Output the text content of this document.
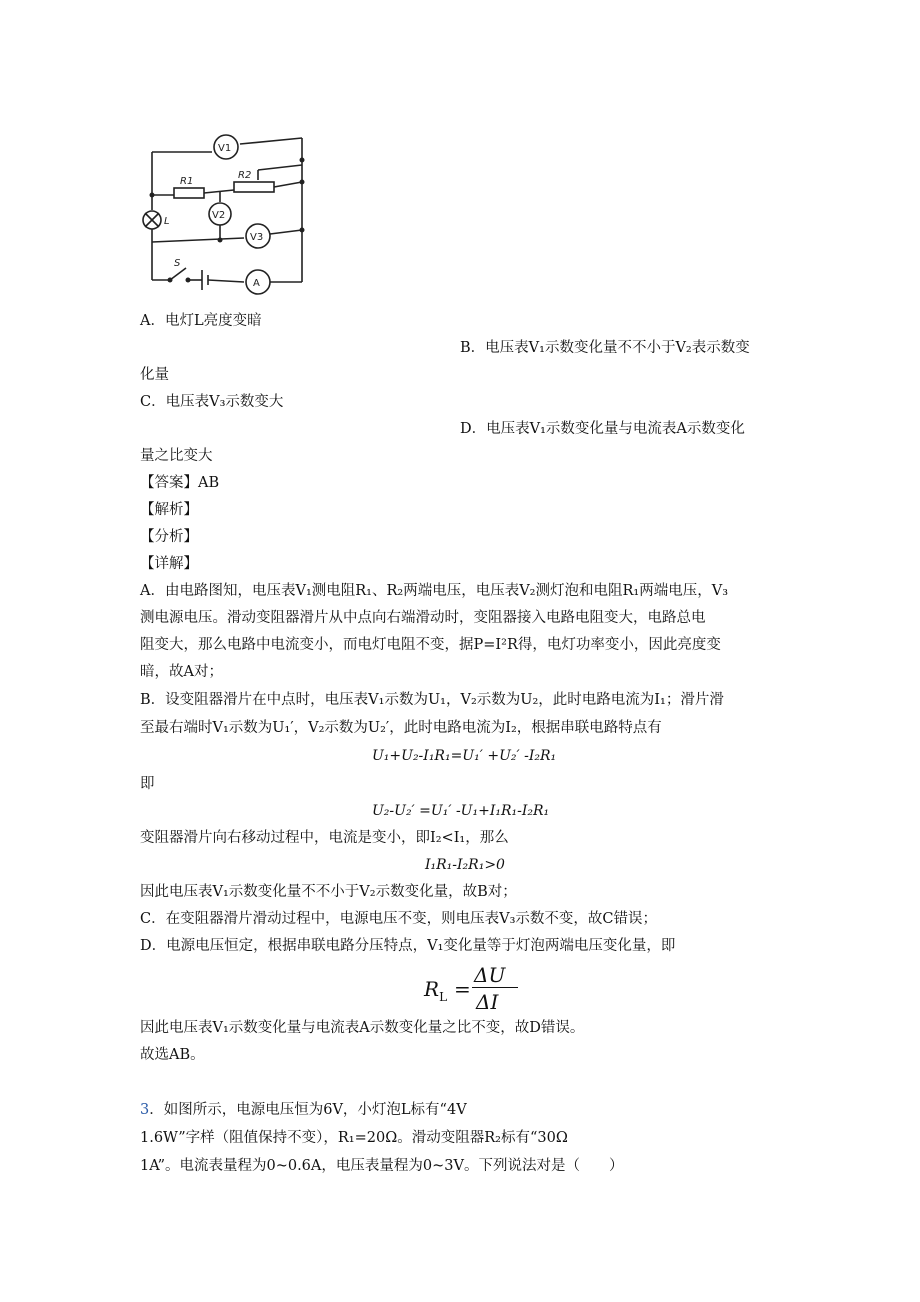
V1
R1
R2
V2
L
V3
S
A
A．电灯L亮度变暗
B．电压表V₁示数变化量不不小于V₂表示数变
化量
C．电压表V₃示数变大
D．电压表V₁示数变化量与电流表A示数变化
量之比变大
【答案】AB
【解析】
【分析】
【详解】
A．由电路图知，电压表V₁测电阻R₁、R₂两端电压，电压表V₂测灯泡和电阻R₁两端电压，V₃
测电源电压。滑动变阻器滑片从中点向右端滑动时，变阻器接入电路电阻变大，电路总电
阻变大，那么电路中电流变小，而电灯电阻不变，据P=I²R得，电灯功率变小，因此亮度变
暗，故A对；
B．设变阻器滑片在中点时，电压表V₁示数为U₁，V₂示数为U₂，此时电路电流为I₁；滑片滑
至最右端时V₁示数为U₁′，V₂示数为U₂′，此时电路电流为I₂，根据串联电路特点有
U₁+U₂-I₁R₁=U₁′ +U₂′ -I₂R₁
即
U₂-U₂′ =U₁′ -U₁+I₁R₁-I₂R₁
变阻器滑片向右移动过程中，电流是变小，即I₂<I₁，那么
I₁R₁-I₂R₁>0
因此电压表V₁示数变化量不不小于V₂示数变化量，故B对；
C．在变阻器滑片滑动过程中，电源电压不变，则电压表V₃示数不变，故C错误；
D．电源电压恒定，根据串联电路分压特点，V₁变化量等于灯泡两端电压变化量，即
$R_L$ =
ΔU
ΔI
因此电压表V₁示数变化量与电流表A示数变化量之比不变，故D错误。
故选AB。
3．如图所示，电源电压恒为6V，小灯泡L标有“4V
1.6W”字样（阻值保持不变），R₁=20Ω。滑动变阻器R₂标有“30Ω
1A”。电流表量程为0~0.6A，电压表量程为0~3V。下列说法对是（　　）
